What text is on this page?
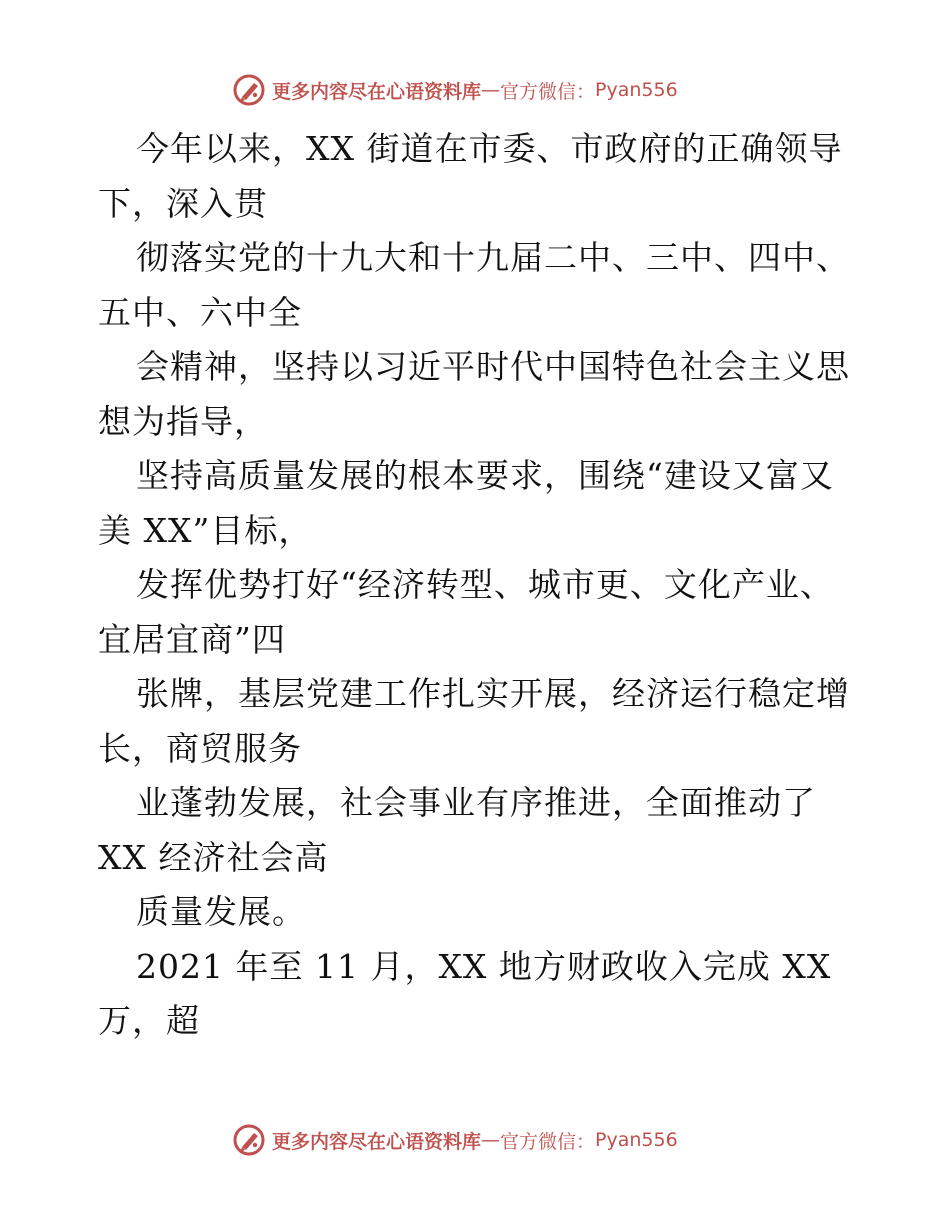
更多内容尽在心语资料库 — 官方微信： Pyan556
今年以来，XX 街道在市委、市政府的正确领导
下，深入贯
彻落实党的十九大和十九届二中、三中、四中、
五中、六中全
会精神，坚持以习近平时代中国特色社会主义思
想为指导，
坚持高质量发展的根本要求，围绕“建设又富又
美 XX”目标，
发挥优势打好“经济转型、城市更、文化产业、
宜居宜商”四
张牌，基层党建工作扎实开展，经济运行稳定增
长，商贸服务
业蓬勃发展，社会事业有序推进，全面推动了
XX 经济社会高
质量发展。
2021 年至 11 月，XX 地方财政收入完成 XX
万，超
更多内容尽在心语资料库 — 官方微信： Pyan556
